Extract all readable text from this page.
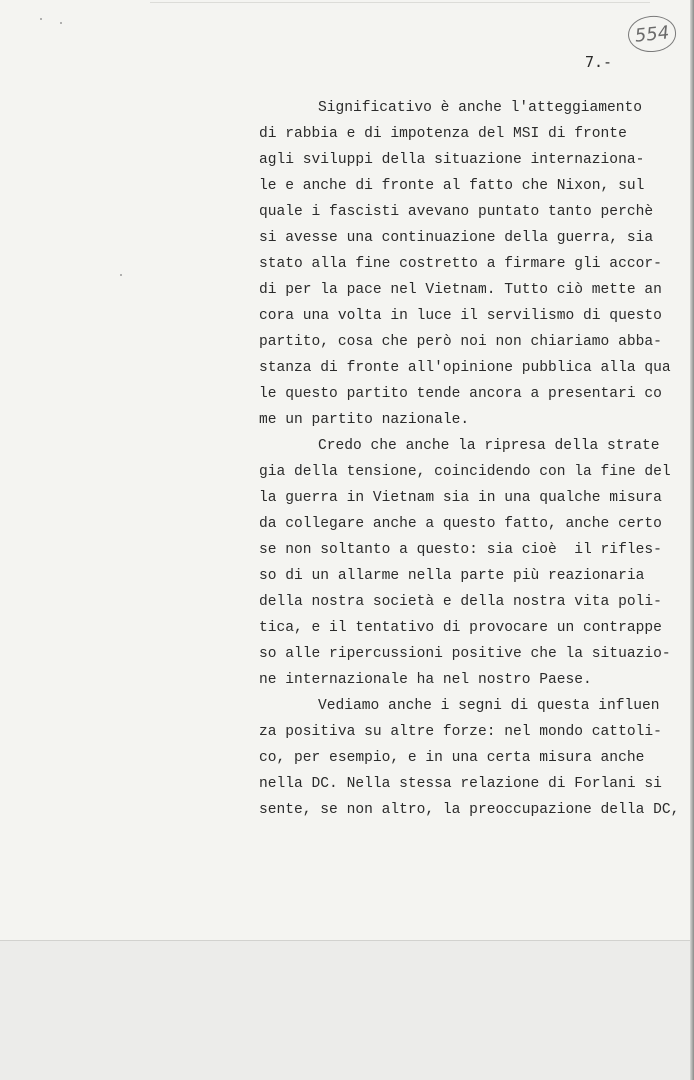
554
7.-
Significativo è anche l'atteggiamento
di rabbia e di impotenza del MSI di fronte
agli sviluppi della situazione internaziona-
le e anche di fronte al fatto che Nixon, sul
quale i fascisti avevano puntato tanto perchè
si avesse una continuazione della guerra, sia
stato alla fine costretto a firmare gli accor-
di per la pace nel Vietnam. Tutto ciò mette an
cora una volta in luce il servilismo di questo
partito, cosa che però noi non chiariamo abba-
stanza di fronte all'opinione pubblica alla qua
le questo partito tende ancora a presentari co
me un partito nazionale.
Credo che anche la ripresa della strate
gia della tensione, coincidendo con la fine del
la guerra in Vietnam sia in una qualche misura
da collegare anche a questo fatto, anche certo
se non soltanto a questo: sia cioè  il rifles-
so di un allarme nella parte più reazionaria
della nostra società e della nostra vita poli-
tica, e il tentativo di provocare un contrappe
so alle ripercussioni positive che la situazio-
ne internazionale ha nel nostro Paese.
Vediamo anche i segni di questa influen
za positiva su altre forze: nel mondo cattoli-
co, per esempio, e in una certa misura anche
nella DC. Nella stessa relazione di Forlani si
sente, se non altro, la preoccupazione della DC,
